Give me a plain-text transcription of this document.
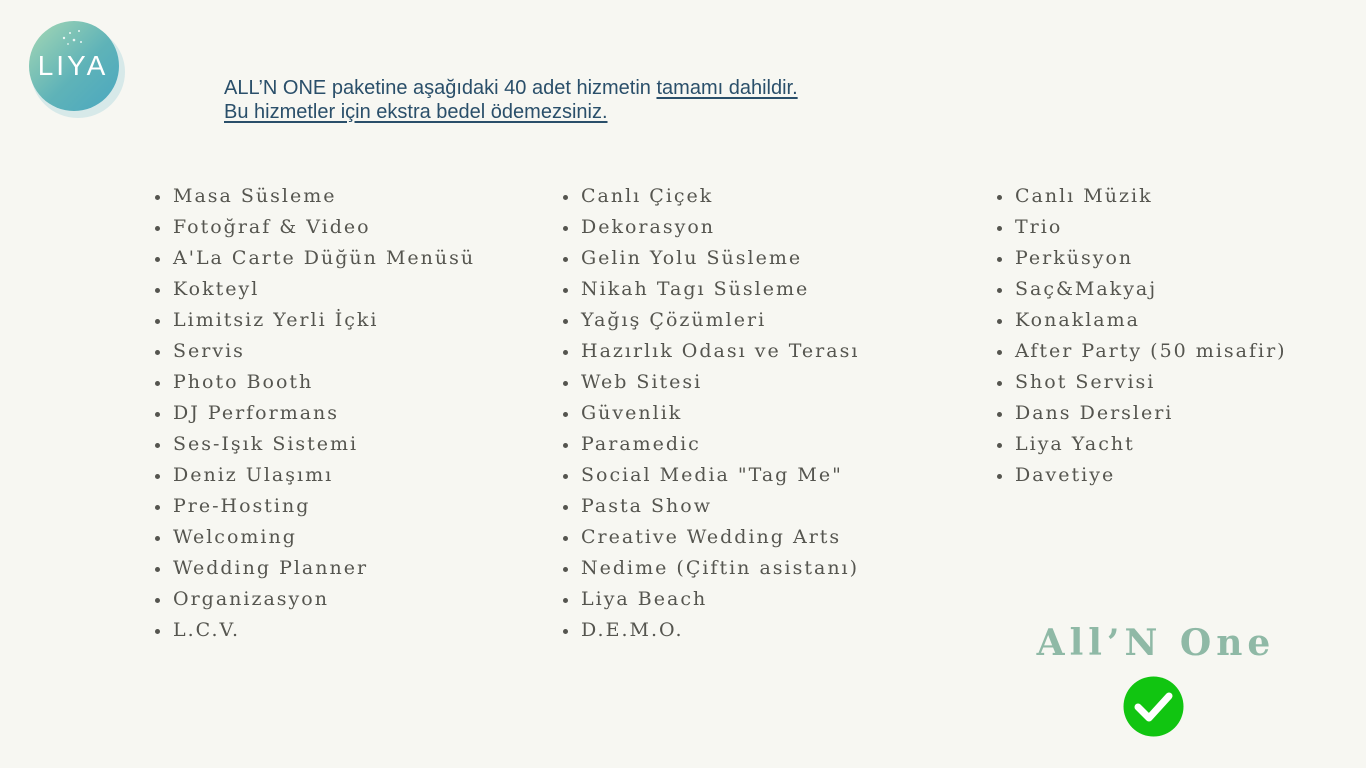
LIYA
ALL’N ONE paketine aşağıdaki 40 adet hizmetin tamamı dahildir.
Bu hizmetler için ekstra bedel ödemezsiniz.
Masa Süsleme
Fotoğraf & Video
A'La Carte Düğün Menüsü
Kokteyl
Limitsiz Yerli İçki
Servis
Photo Booth
DJ Performans
Ses-Işık Sistemi
Deniz Ulaşımı
Pre-Hosting
Welcoming
Wedding Planner
Organizasyon
L.C.V.
Canlı Çiçek
Dekorasyon
Gelin Yolu Süsleme
Nikah Tagı Süsleme
Yağış Çözümleri
Hazırlık Odası ve Terası
Web Sitesi
Güvenlik
Paramedic
Social Media "Tag Me"
Pasta Show
Creative Wedding Arts
Nedime (Çiftin asistanı)
Liya Beach
D.E.M.O.
Canlı Müzik
Trio
Perküsyon
Saç&Makyaj
Konaklama
After Party (50 misafir)
Shot Servisi
Dans Dersleri
Liya Yacht
Davetiye
All’N One
